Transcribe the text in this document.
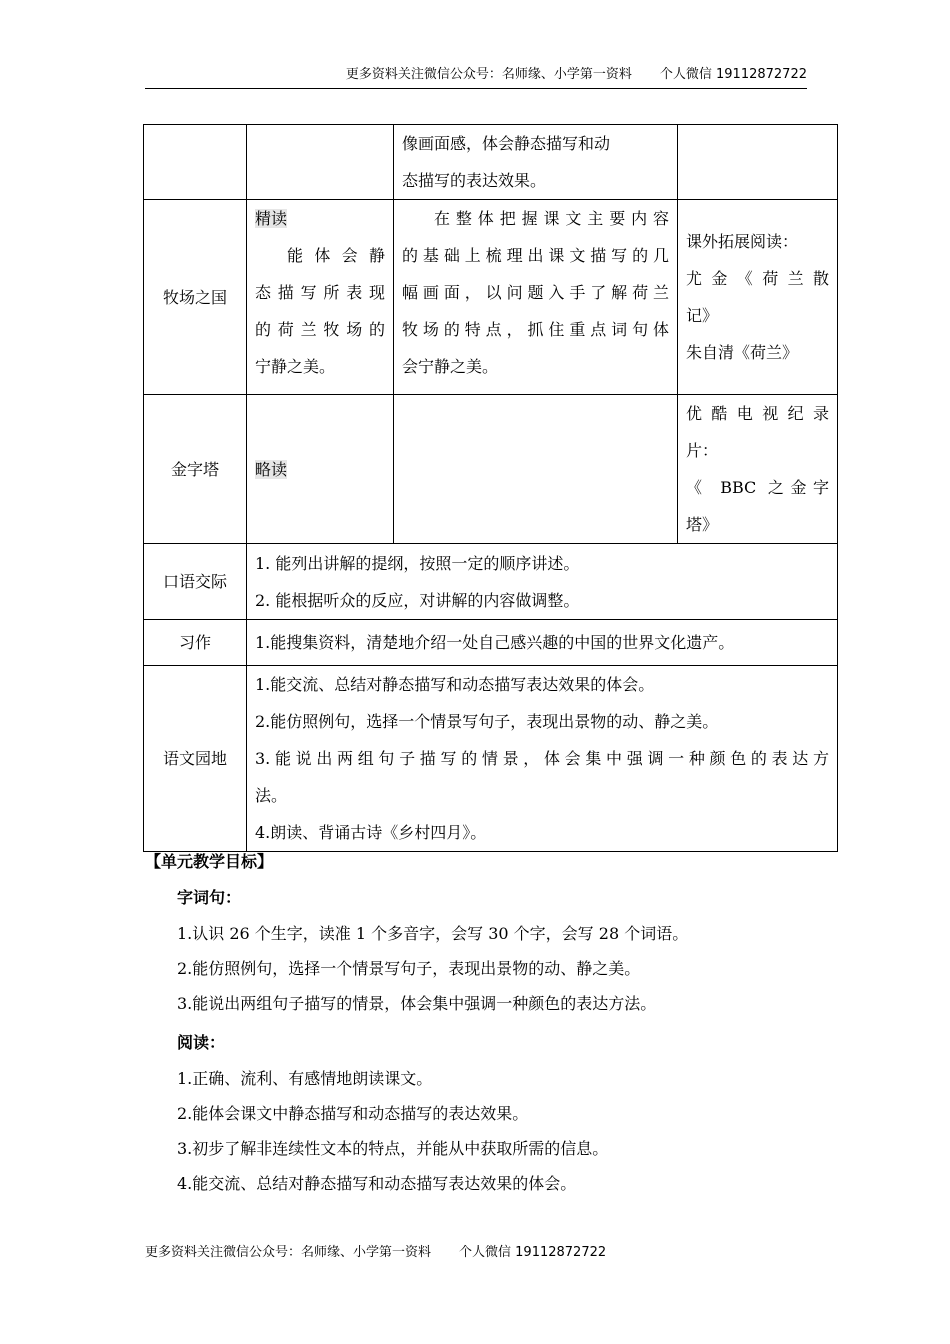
更多资料关注微信公众号：名师缘、小学第一资料 个人微信 19112872722

		像画面感，体会静态描写和动
态描写的表达效果。	

牧场之国	精读
能体会静
态描写所表现
的荷兰牧场的
宁静之美。	在整体把握课文主要内容
的基础上梳理出课文描写的几
幅画面，以问题入手了解荷兰
牧场的特点，抓住重点词句体
会宁静之美。	课外拓展阅读：
尤金《荷兰散
记》
朱自清《荷兰》

金字塔	略读		优酷电视纪录
片：
《 BBC 之金字
塔》

口语交际	1. 能列出讲解的提纲，按照一定的顺序讲述。
2. 能根据听众的反应，对讲解的内容做调整。		

习作	1.能搜集资料，清楚地介绍一处自己感兴趣的中国的世界文化遗产。		

语文园地	1.能交流、总结对静态描写和动态描写表达效果的体会。
2.能仿照例句，选择一个情景写句子，表现出景物的动、静之美。
3.能说出两组句子描写的情景，体会集中强调一种颜色的表达方
法。
4.朗读、背诵古诗《乡村四月》。		
【单元教学目标】
字词句：
1.认识 26 个生字，读准 1 个多音字，会写 30 个字，会写 28 个词语。
2.能仿照例句，选择一个情景写句子，表现出景物的动、静之美。
3.能说出两组句子描写的情景，体会集中强调一种颜色的表达方法。
阅读：
1.正确、流利、有感情地朗读课文。
2.能体会课文中静态描写和动态描写的表达效果。
3.初步了解非连续性文本的特点，并能从中获取所需的信息。
4.能交流、总结对静态描写和动态描写表达效果的体会。
更多资料关注微信公众号：名师缘、小学第一资料 个人微信 19112872722
